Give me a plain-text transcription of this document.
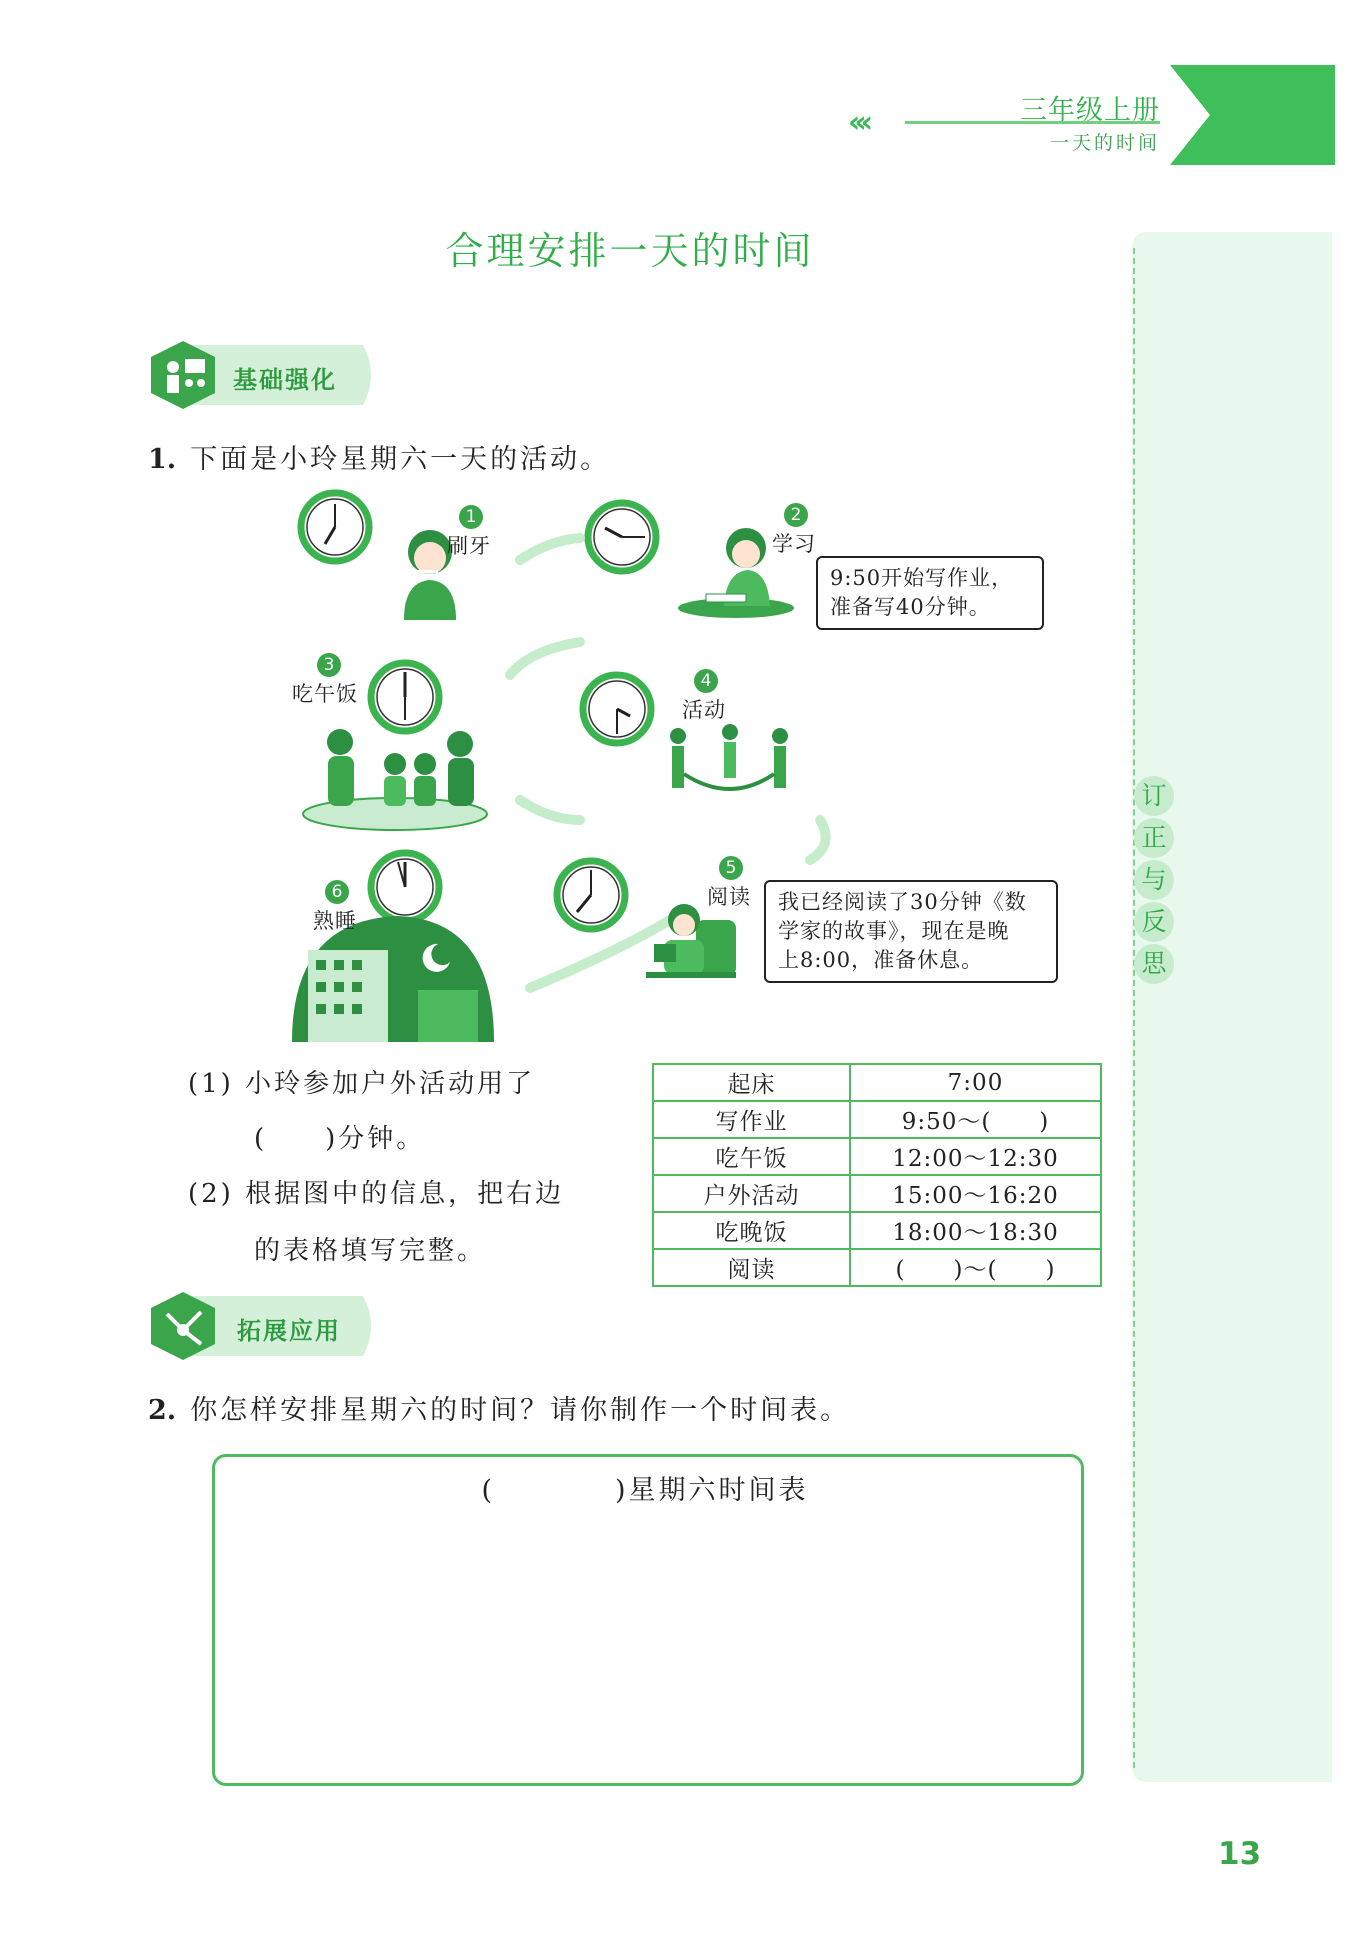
‹‹‹	三年级上册
一天的时间
订
正
与
反
思
合理安排一天的时间
基础强化
1. 下面是小玲星期六一天的活动。
1
刷牙
2
学习
3
吃午饭
4
活动
5
阅读
6
熟睡
9:50开始写作业，
准备写40分钟。
我已经阅读了30分钟《数
学家的故事》，现在是晚
上8:00，准备休息。
(1) 小玲参加户外活动用了
(　　)分钟。
(2) 根据图中的信息，把右边
的表格填写完整。
起床	7:00
写作业	9:50～(　　)
吃午饭	12:00～12:30
户外活动	15:00～16:20
吃晚饭	18:00～18:30
阅读	(　　)～(　　)
拓展应用
2. 你怎样安排星期六的时间？请你制作一个时间表。
(　　　　)星期六时间表
13
